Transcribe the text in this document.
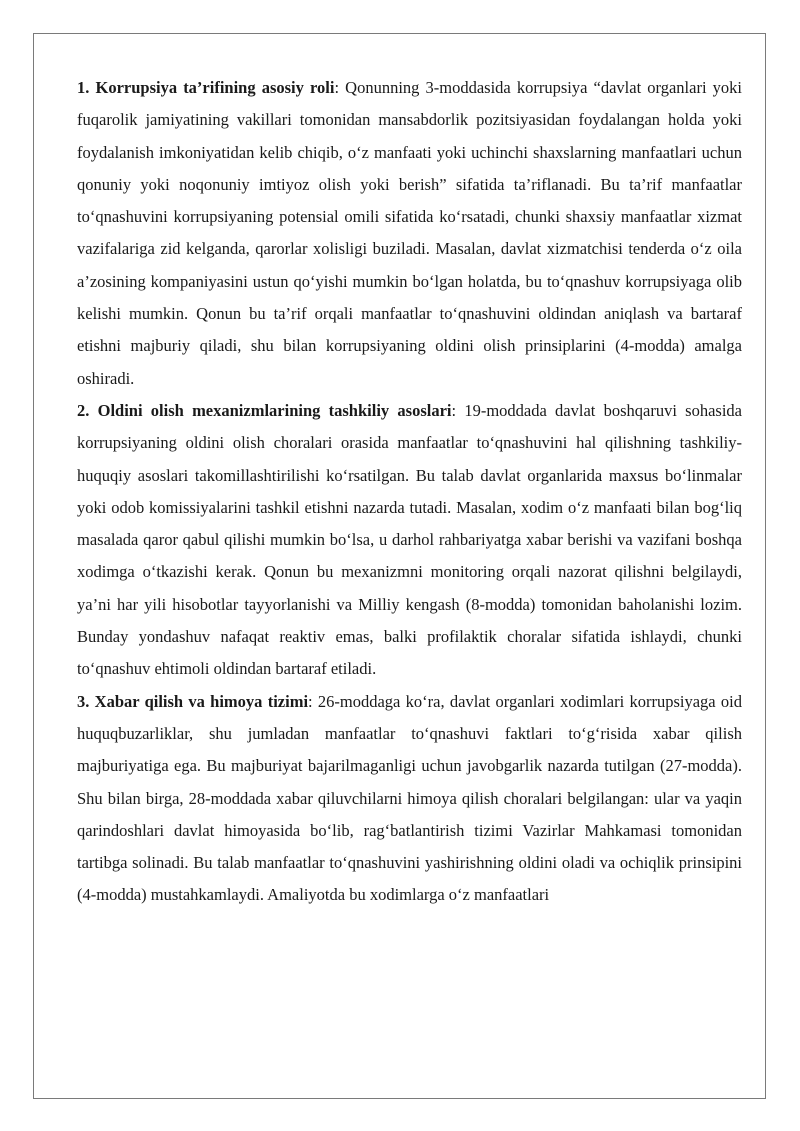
1. Korrupsiya ta’rifining asosiy roli: Qonunning 3-moddasida korrupsiya “davlat organlari yoki fuqarolik jamiyatining vakillari tomonidan mansabdorlik pozitsiyasidan foydalangan holda yoki foydalanish imkoniyatidan kelib chiqib, o‘z manfaati yoki uchinchi shaxslarning manfaatlari uchun qonuniy yoki noqonuniy imtiyoz olish yoki berish” sifatida ta’riflanadi. Bu ta’rif manfaatlar to‘qnashuvini korrupsiyaning potensial omili sifatida ko‘rsatadi, chunki shaxsiy manfaatlar xizmat vazifalariga zid kelganda, qarorlar xolisligi buziladi. Masalan, davlat xizmatchisi tenderda o‘z oila a’zosining kompaniyasini ustun qo‘yishi mumkin bo‘lgan holatda, bu to‘qnashuv korrupsiyaga olib kelishi mumkin. Qonun bu ta’rif orqali manfaatlar to‘qnashuvini oldindan aniqlash va bartaraf etishni majburiy qiladi, shu bilan korrupsiyaning oldini olish prinsiplarini (4-modda) amalga oshiradi.

2. Oldini olish mexanizmlarining tashkiliy asoslari: 19-moddada davlat boshqaruvi sohasida korrupsiyaning oldini olish choralari orasida manfaatlar to‘qnashuvini hal qilishning tashkiliy-huquqiy asoslari takomillashtirilishi ko‘rsatilgan. Bu talab davlat organlarida maxsus bo‘linmalar yoki odob komissiyalarini tashkil etishni nazarda tutadi. Masalan, xodim o‘z manfaati bilan bog‘liq masalada qaror qabul qilishi mumkin bo‘lsa, u darhol rahbariyatga xabar berishi va vazifani boshqa xodimga o‘tkazishi kerak. Qonun bu mexanizmni monitoring orqali nazorat qilishni belgilaydi, ya’ni har yili hisobotlar tayyorlanishi va Milliy kengash (8-modda) tomonidan baholanishi lozim. Bunday yondashuv nafaqat reaktiv emas, balki profilaktik choralar sifatida ishlaydi, chunki to‘qnashuv ehtimoli oldindan bartaraf etiladi.

3. Xabar qilish va himoya tizimi: 26-moddaga ko‘ra, davlat organlari xodimlari korrupsiyaga oid huquqbuzarliklar, shu jumladan manfaatlar to‘qnashuvi faktlari to‘g‘risida xabar qilish majburiyatiga ega. Bu majburiyat bajarilmaganligi uchun javobgarlik nazarda tutilgan (27-modda). Shu bilan birga, 28-moddada xabar qiluvchilarni himoya qilish choralari belgilangan: ular va yaqin qarindoshlari davlat himoyasida bo‘lib, rag‘batlantirish tizimi Vazirlar Mahkamasi tomonidan tartibga solinadi. Bu talab manfaatlar to‘qnashuvini yashirishning oldini oladi va ochiqlik prinsipini (4-modda) mustahkamlaydi. Amaliyotda bu xodimlarga o‘z manfaatlari
